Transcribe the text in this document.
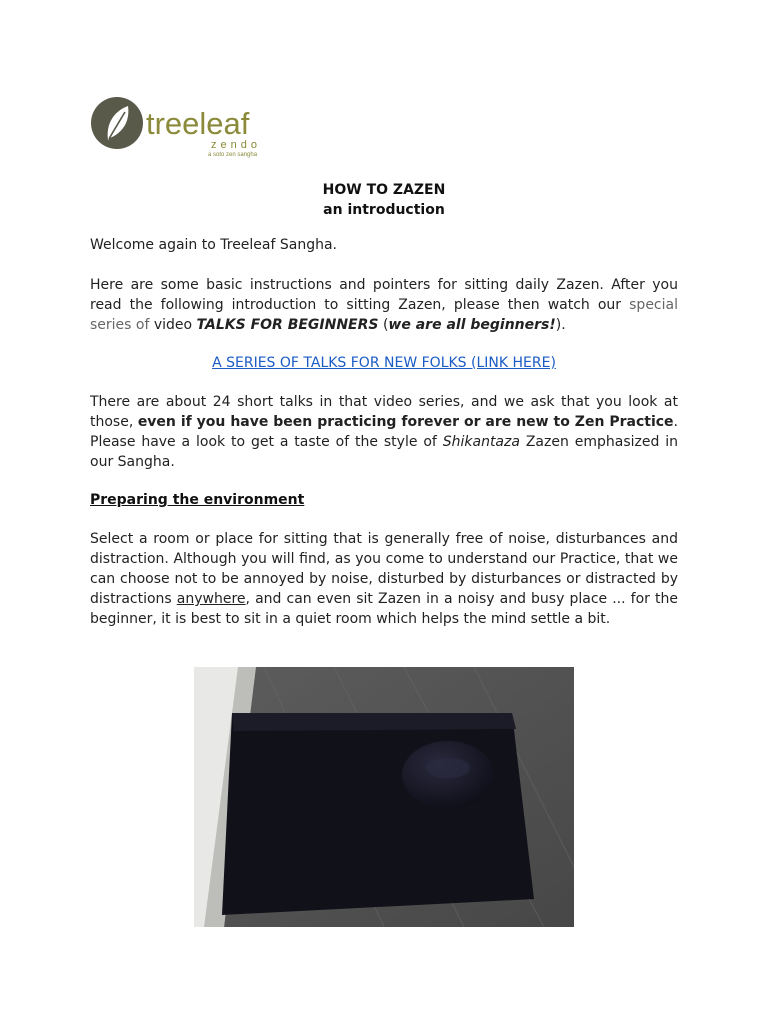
treeleaf
zendo
a soto zen sangha
HOW TO ZAZEN
an introduction
Welcome again to Treeleaf Sangha.
Here are some basic instructions and pointers for sitting daily Zazen. After you read the following introduction to sitting Zazen, please then watch our special series of video TALKS FOR BEGINNERS (we are all beginners!).
A SERIES OF TALKS FOR NEW FOLKS (LINK HERE)
There are about 24 short talks in that video series, and we ask that you look at those, even if you have been practicing forever or are new to Zen Practice. Please have a look to get a taste of the style of Shikantaza Zazen emphasized in our Sangha.
Preparing the environment
Select a room or place for sitting that is generally free of noise, disturbances and distraction. Although you will find, as you come to understand our Practice, that we can choose not to be annoyed by noise, disturbed by disturbances or distracted by distractions anywhere, and can even sit Zazen in a noisy and busy place ... for the beginner, it is best to sit in a quiet room which helps the mind settle a bit.
